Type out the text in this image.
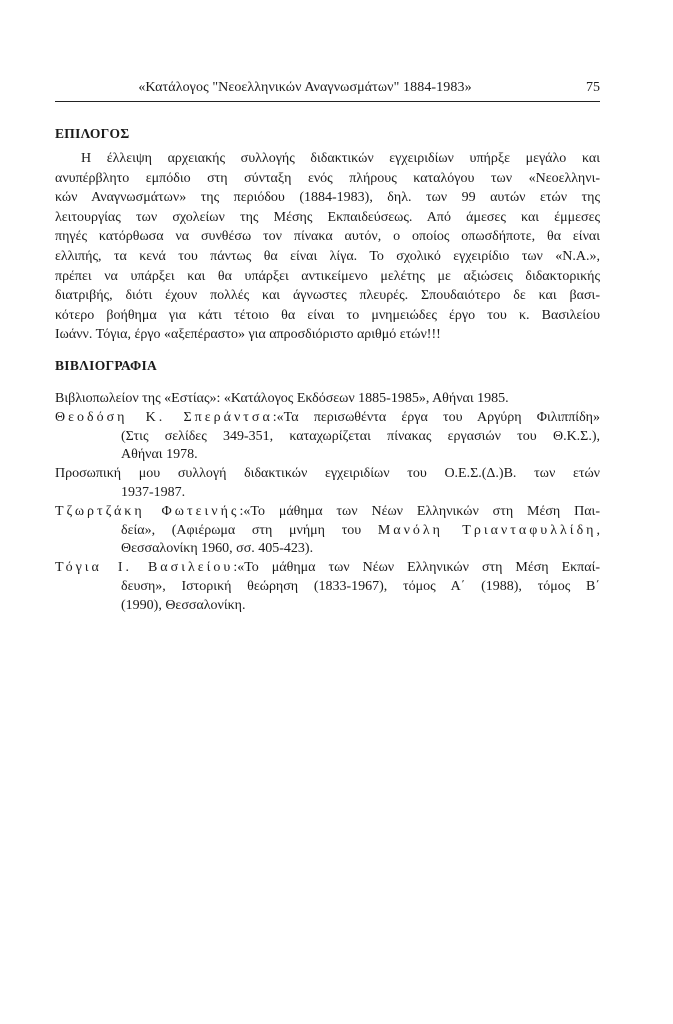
«Κατάλογος "Νεοελληνικών Αναγνωσμάτων" 1884-1983»	75
ΕΠΙΛΟΓΟΣ
Η έλλειψη αρχειακής συλλογής διδακτικών εγχειριδίων υπήρξε μεγάλο και
ανυπέρβλητο εμπόδιο στη σύνταξη ενός πλήρους καταλόγου των «Νεοελληνι-
κών Αναγνωσμάτων» της περιόδου (1884-1983), δηλ. των 99 αυτών ετών της
λειτουργίας των σχολείων της Μέσης Εκπαιδεύσεως. Από άμεσες και έμμεσες
πηγές κατόρθωσα να συνθέσω τον πίνακα αυτόν, ο οποίος οπωσδήποτε, θα είναι
ελλιπής, τα κενά του πάντως θα είναι λίγα. Το σχολικό εγχειρίδιο των «Ν.Α.»,
πρέπει να υπάρξει και θα υπάρξει αντικείμενο μελέτης με αξιώσεις διδακτορικής
διατριβής, διότι έχουν πολλές και άγνωστες πλευρές. Σπουδαιότερο δε και βασι-
κότερο βοήθημα για κάτι τέτοιο θα είναι το μνημειώδες έργο του κ. Βασιλείου
Ιωάνν. Τόγια, έργο «αξεπέραστο» για απροσδιόριστο αριθμό ετών!!!
ΒΙΒΛΙΟΓΡΑΦΙΑ
Βιβλιοπωλείον της «Εστίας»: «Κατάλογος Εκδόσεων 1885-1985», Αθήναι 1985.
Θεοδόση Κ. Σπεράντσα:«Τα περισωθέντα έργα του Αργύρη Φιλιππίδη»
(Στις σελίδες 349-351, καταχωρίζεται πίνακας εργασιών του Θ.Κ.Σ.),
Αθήναι 1978.
Προσωπική μου συλλογή διδακτικών εγχειριδίων του Ο.Ε.Σ.(Δ.)Β. των ετών
1937-1987.
Τζωρτζάκη Φωτεινής:«Το μάθημα των Νέων Ελληνικών στη Μέση Παι-
δεία», (Αφιέρωμα στη μνήμη του Μανόλη Τριανταφυλλίδη,
Θεσσαλονίκη 1960, σσ. 405-423).
Τόγια Ι. Βασιλείου:«Το μάθημα των Νέων Ελληνικών στη Μέση Εκπαί-
δευση», Ιστορική θεώρηση (1833-1967), τόμος Α΄ (1988), τόμος Β΄
(1990), Θεσσαλονίκη.
